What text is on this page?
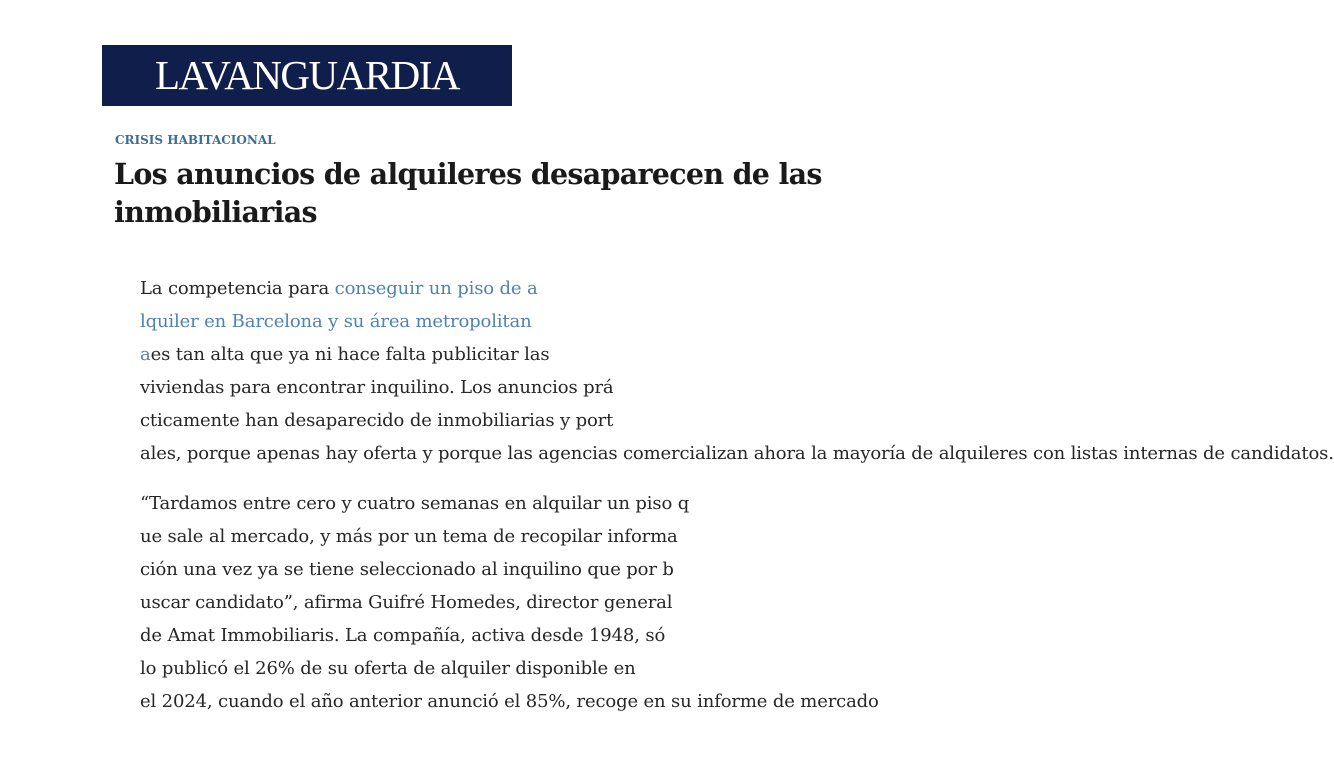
LAVANGUARDIA
CRISIS HABITACIONAL
Los anuncios de alquileres desaparecen de las inmobiliarias

La competencia para conseguir un piso de a
lquiler en Barcelona y su área metropolitan
aes tan alta que ya ni hace falta publicitar las
viviendas para encontrar inquilino. Los anuncios prá
cticamente han desaparecido de inmobiliarias y port
ales, porque apenas hay oferta y porque las agencias comercializan ahora la mayoría de alquileres con listas internas de candidatos.

“Tardamos entre cero y cuatro semanas en alquilar un piso q
ue sale al mercado, y más por un tema de recopilar informa
ción una vez ya se tiene seleccionado al inquilino que por b
uscar candidato”, afirma Guifré Homedes, director general
de Amat Immobiliaris. La compañía, activa desde 1948, só
lo publicó el 26% de su oferta de alquiler disponible en
el 2024, cuando el año anterior anunció el 85%, recoge en su informe de mercado
